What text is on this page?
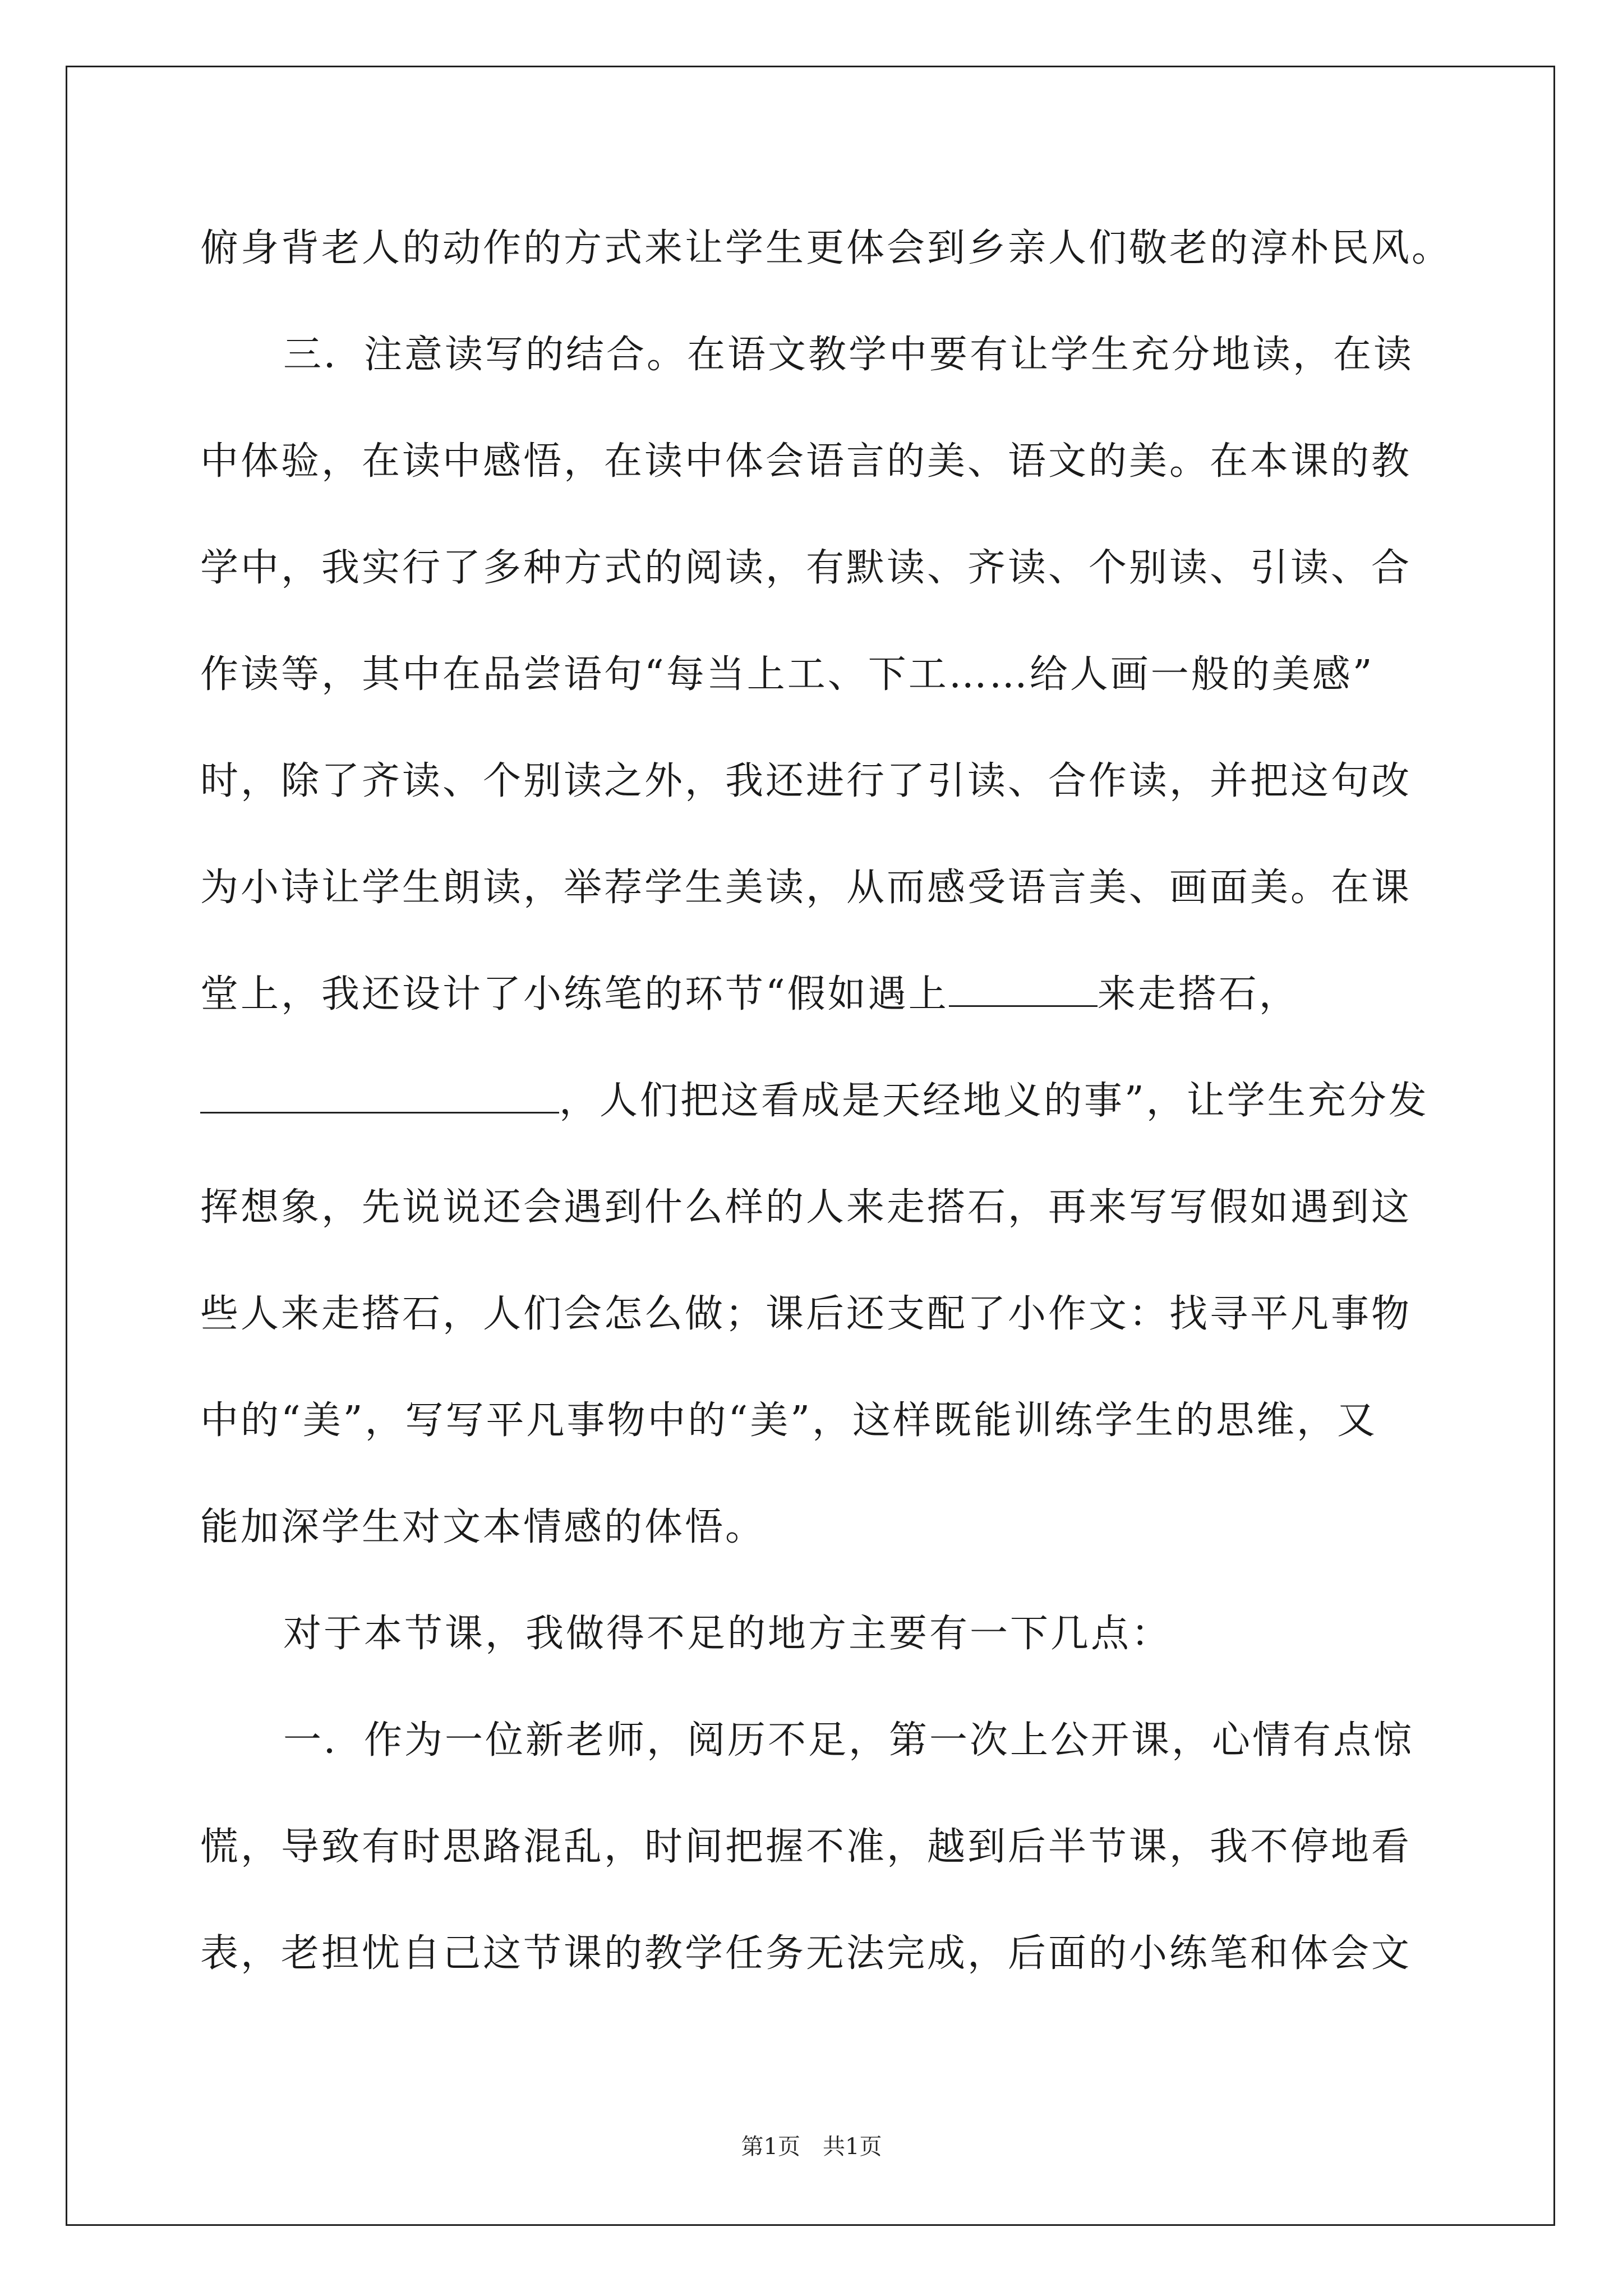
俯身背老人的动作的方式来让学生更体会到乡亲人们敬老的淳朴民风。
三．注意读写的结合。在语文教学中要有让学生充分地读，在读
中体验，在读中感悟，在读中体会语言的美、语文的美。在本课的教
学中，我实行了多种方式的阅读，有默读、齐读、个别读、引读、合
作读等，其中在品尝语句“每当上工、下工……给人画一般的美感”
时，除了齐读、个别读之外，我还进行了引读、合作读，并把这句改
为小诗让学生朗读，举荐学生美读，从而感受语言美、画面美。在课
堂上，我还设计了小练笔的环节“假如遇上	来走搭石，
，人们把这看成是天经地义的事”，让学生充分发
挥想象，先说说还会遇到什么样的人来走搭石，再来写写假如遇到这
些人来走搭石，人们会怎么做；课后还支配了小作文：找寻平凡事物
中的“美”，写写平凡事物中的“美”，这样既能训练学生的思维，又
能加深学生对文本情感的体悟。
对于本节课，我做得不足的地方主要有一下几点：
一．作为一位新老师，阅历不足，第一次上公开课，心情有点惊
慌，导致有时思路混乱，时间把握不准，越到后半节课，我不停地看
表，老担忧自己这节课的教学任务无法完成，后面的小练笔和体会文
第1页　共1页
